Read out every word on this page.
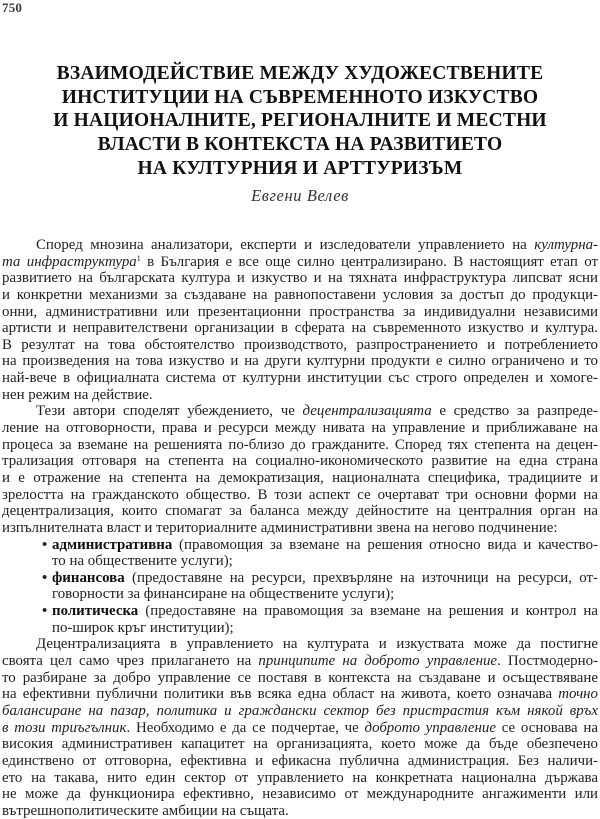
750
ВЗАИМОДЕЙСТВИЕ МЕЖДУ ХУДОЖЕСТВЕНИТЕ
ИНСТИТУЦИИ НА СЪВРЕМЕННОТО ИЗКУСТВО
И НАЦИОНАЛНИТЕ, РЕГИОНАЛНИТЕ И МЕСТНИ
ВЛАСТИ В КОНТЕКСТА НА РАЗВИТИЕТО
НА КУЛТУРНИЯ И АРТТУРИЗЪМ
Евгени Велев
Според мнозина анализатори, експерти и изследователи управлението на културна-
та инфраструктура$^1$ в България е все още силно централизирано. В настоящият етап от
развитието на българската култура и изкуство и на тяхната инфраструктура липсват ясни
и конкретни механизми за създаване на равнопоставени условия за достъп до продукци-
онни, административни или презентационни пространства за индивидуални независими
артисти и неправителствени организации в сферата на съвременното изкуство и култура.
В резултат на това обстоятелство производството, разпространението и потреблението
на произведения на това изкуство и на други културни продукти е силно ограничено и то
най-вече в официалната система от културни институции със строго определен и хомоге-
нен режим на действие.
Тези автори споделят убеждението, че децентрализацията е средство за разпреде-
ление на отговорности, права и ресурси между нивата на управление и приближаване на
процеса за вземане на решенията по-близо до гражданите. Според тях степента на децен-
трализация отговаря на степента на социално-икономическото развитие на една страна
и е отражение на степента на демократизация, националната специфика, традициите и
зрелостта на гражданското общество. В този аспект се очертават три основни форми на
децентрализация, които спомагат за баланса между дейностите на централния орган на
изпълнителната власт и териториалните административни звена на негово подчинение:
• административна (правомощия за вземане на решения относно вида и качество-
то на обществените услуги);
• финансова (предоставяне на ресурси, прехвърляне на източници на ресурси, от-
говорности за финансиране на обществените услуги);
• политическа (предоставяне на правомощия за вземане на решения и контрол на
по-широк кръг институции);
Децентрализацията в управлението на културата и изкуствата може да постигне
своята цел само чрез прилагането на принципите на доброто управление. Постмодерно-
то разбиране за добро управление се поставя в контекста на създаване и осъществяване
на ефективни публични политики във всяка една област на живота, което означава точно
балансиране на пазар, политика и граждански сектор без пристрастия към някой връх
в този триъгълник. Необходимо е да се подчертае, че доброто управление се основава на
високия административен капацитет на организацията, което може да бъде обезпечено
единствено от отговорна, ефективна и ефикасна публична администрация. Без наличи-
ето на такава, нито един сектор от управлението на конкретната национална държава
не може да функционира ефективно, независимо от международните ангажименти или
вътрешнополитическите амбиции на същата.
